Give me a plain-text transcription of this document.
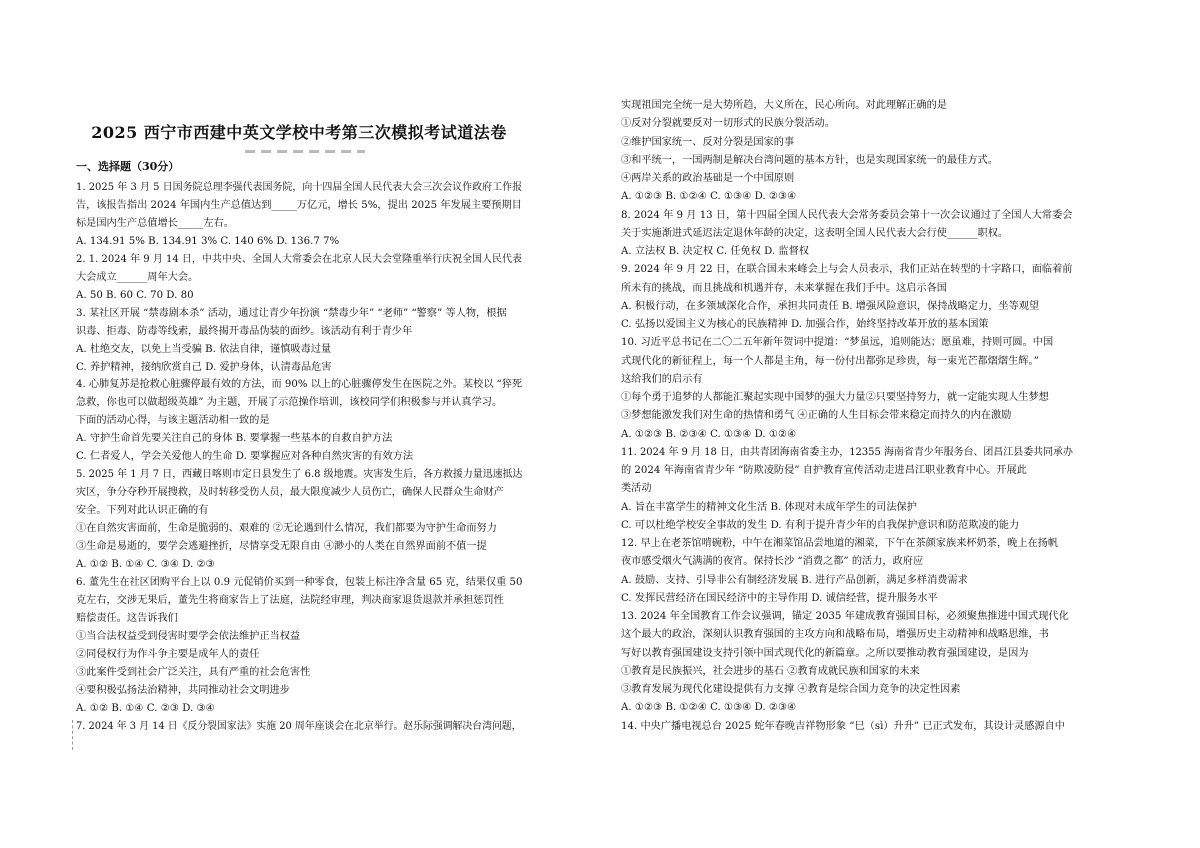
2025 西宁市西建中英文学校中考第三次模拟考试道法卷
一、选择题（30分）
1. 2025 年 3 月 5 日国务院总理李强代表国务院，向十四届全国人民代表大会三次会议作政府工作报
告，该报告指出 2024 年国内生产总值达到_____万亿元，增长 5%，提出 2025 年发展主要预期目
标是国内生产总值增长_____左右。
A. 134.91 5% B. 134.91 3% C. 140 6% D. 136.7 7%
2. 1. 2024 年 9 月 14 日，中共中央、全国人大常委会在北京人民大会堂隆重举行庆祝全国人民代表
大会成立______周年大会。
A. 50 B. 60 C. 70 D. 80
3. 某社区开展 “禁毒剧本杀” 活动，通过让青少年扮演 “禁毒少年” “老师” “警察” 等人物，根据
识毒、拒毒、防毒等线索，最终揭开毒品伪装的面纱。该活动有利于青少年
A. 杜绝交友，以免上当受骗 B. 依法自律，谨慎吸毒过量
C. 养护精神，接纳欣赏自己 D. 爱护身体，认清毒品危害
4. 心肺复苏是抢救心脏骤停最有效的方法，而 90% 以上的心脏骤停发生在医院之外。某校以 “猝死
急救，你也可以做超级英雄” 为主题，开展了示范操作培训，该校同学们积极参与并认真学习。
下面的活动心得，与该主题活动相一致的是
A. 守护生命首先要关注自己的身体 B. 要掌握一些基本的自救自护方法
C. 仁者爱人，学会关爱他人的生命 D. 要掌握应对各种自然灾害的有效方法
5. 2025 年 1 月 7 日，西藏日喀则市定日县发生了 6.8 级地震。灾害发生后，各方救援力量迅速抵达
灾区，争分夺秒开展搜救，及时转移受伤人员，最大限度减少人员伤亡，确保人民群众生命财产
安全。下列对此认识正确的有
①在自然灾害面前，生命是脆弱的、艰难的 ②无论遇到什么情况，我们都要为守护生命而努力
③生命是易逝的，要学会逃避挫折，尽情享受无限自由 ④渺小的人类在自然界面前不值一提
A. ①② B. ①④ C. ③④ D. ②③
6. 董先生在社区团购平台上以 0.9 元促销价买到一种零食，包装上标注净含量 65 克，结果仅重 50
克左右，交涉无果后，董先生将商家告上了法庭，法院经审理，判决商家退货退款并承担惩罚性
赔偿责任。这告诉我们
①当合法权益受到侵害时要学会依法维护正当权益
②同侵权行为作斗争主要是成年人的责任
③此案件受到社会广泛关注，具有严重的社会危害性
④要积极弘扬法治精神，共同推动社会文明进步
A. ①② B. ①④ C. ②③ D. ③④
7. 2024 年 3 月 14 日《反分裂国家法》实施 20 周年座谈会在北京举行。赵乐际强调解决台湾问题，
实现祖国完全统一是大势所趋，大义所在，民心所向。对此理解正确的是
①反对分裂就要反对一切形式的民族分裂活动。
②维护国家统一、反对分裂是国家的事
③和平统一，一国两制是解决台湾问题的基本方针，也是实现国家统一的最佳方式。
④两岸关系的政治基础是一个中国原则
A. ①②③ B. ①②④ C. ①③④ D. ②③④
8. 2024 年 9 月 13 日，第十四届全国人民代表大会常务委员会第十一次会议通过了全国人大常委会
关于实施渐进式延迟法定退休年龄的决定，这表明全国人民代表大会行使______职权。
A. 立法权 B. 决定权 C. 任免权 D. 监督权
9. 2024 年 9 月 22 日，在联合国未来峰会上与会人员表示，我们正站在转型的十字路口，面临着前
所未有的挑战，而且挑战和机遇并存，未来掌握在我们手中。这启示各国
A. 积极行动，在多领域深化合作，承担共同责任 B. 增强风险意识，保持战略定力，坐等观望
C. 弘扬以爱国主义为核心的民族精神 D. 加强合作，始终坚持改革开放的基本国策
10. 习近平总书记在二〇二五年新年贺词中提道：“梦虽远，追则能达；愿虽难，持则可圆。中国
式现代化的新征程上，每一个人都是主角，每一份付出都弥足珍贵，每一束光芒都熠熠生辉。”
这给我们的启示有
①每个勇于追梦的人都能汇聚起实现中国梦的强大力量②只要坚持努力，就一定能实现人生梦想
③梦想能激发我们对生命的热情和勇气 ④正确的人生目标会带来稳定而持久的内在激励
A. ①②③ B. ②③④ C. ①③④ D. ①②④
11. 2024 年 9 月 18 日，由共青团海南省委主办，12355 海南省青少年服务台、团昌江县委共同承办
的 2024 年海南省青少年 “防欺凌防侵” 自护教育宣传活动走进昌江职业教育中心。开展此
类活动
A. 旨在丰富学生的精神文化生活 B. 体现对未成年学生的司法保护
C. 可以杜绝学校安全事故的发生 D. 有利于提升青少年的自我保护意识和防范欺凌的能力
12. 早上在老茶馆啃碗粉，中午在湘菜馆品尝地道的湘菜，下午在茶颜家族来杯奶茶，晚上在扬帆
夜市感受烟火气满满的夜宵。保持长沙 “消费之都” 的活力，政府应
A. 鼓励、支持、引导非公有制经济发展 B. 进行产品创新，满足多样消费需求
C. 发挥民营经济在国民经济中的主导作用 D. 诚信经营，提升服务水平
13. 2024 年全国教育工作会议强调，锚定 2035 年建成教育强国目标，必须聚焦推进中国式现代化
这个最大的政治，深刻认识教育强国的主攻方向和战略布局，增强历史主动精神和战略思维，书
写好以教育强国建设支持引领中国式现代化的新篇章。之所以要推动教育强国建设，是因为
①教育是民族振兴，社会进步的基石 ②教育成就民族和国家的未来
③教育发展为现代化建设提供有力支撑 ④教育是综合国力竞争的决定性因素
A. ①②③ B. ①②④ C. ①③④ D. ②③④
14. 中央广播电视总台 2025 蛇年春晚吉祥物形象 “巳（sì）升升” 已正式发布，其设计灵感源自中
